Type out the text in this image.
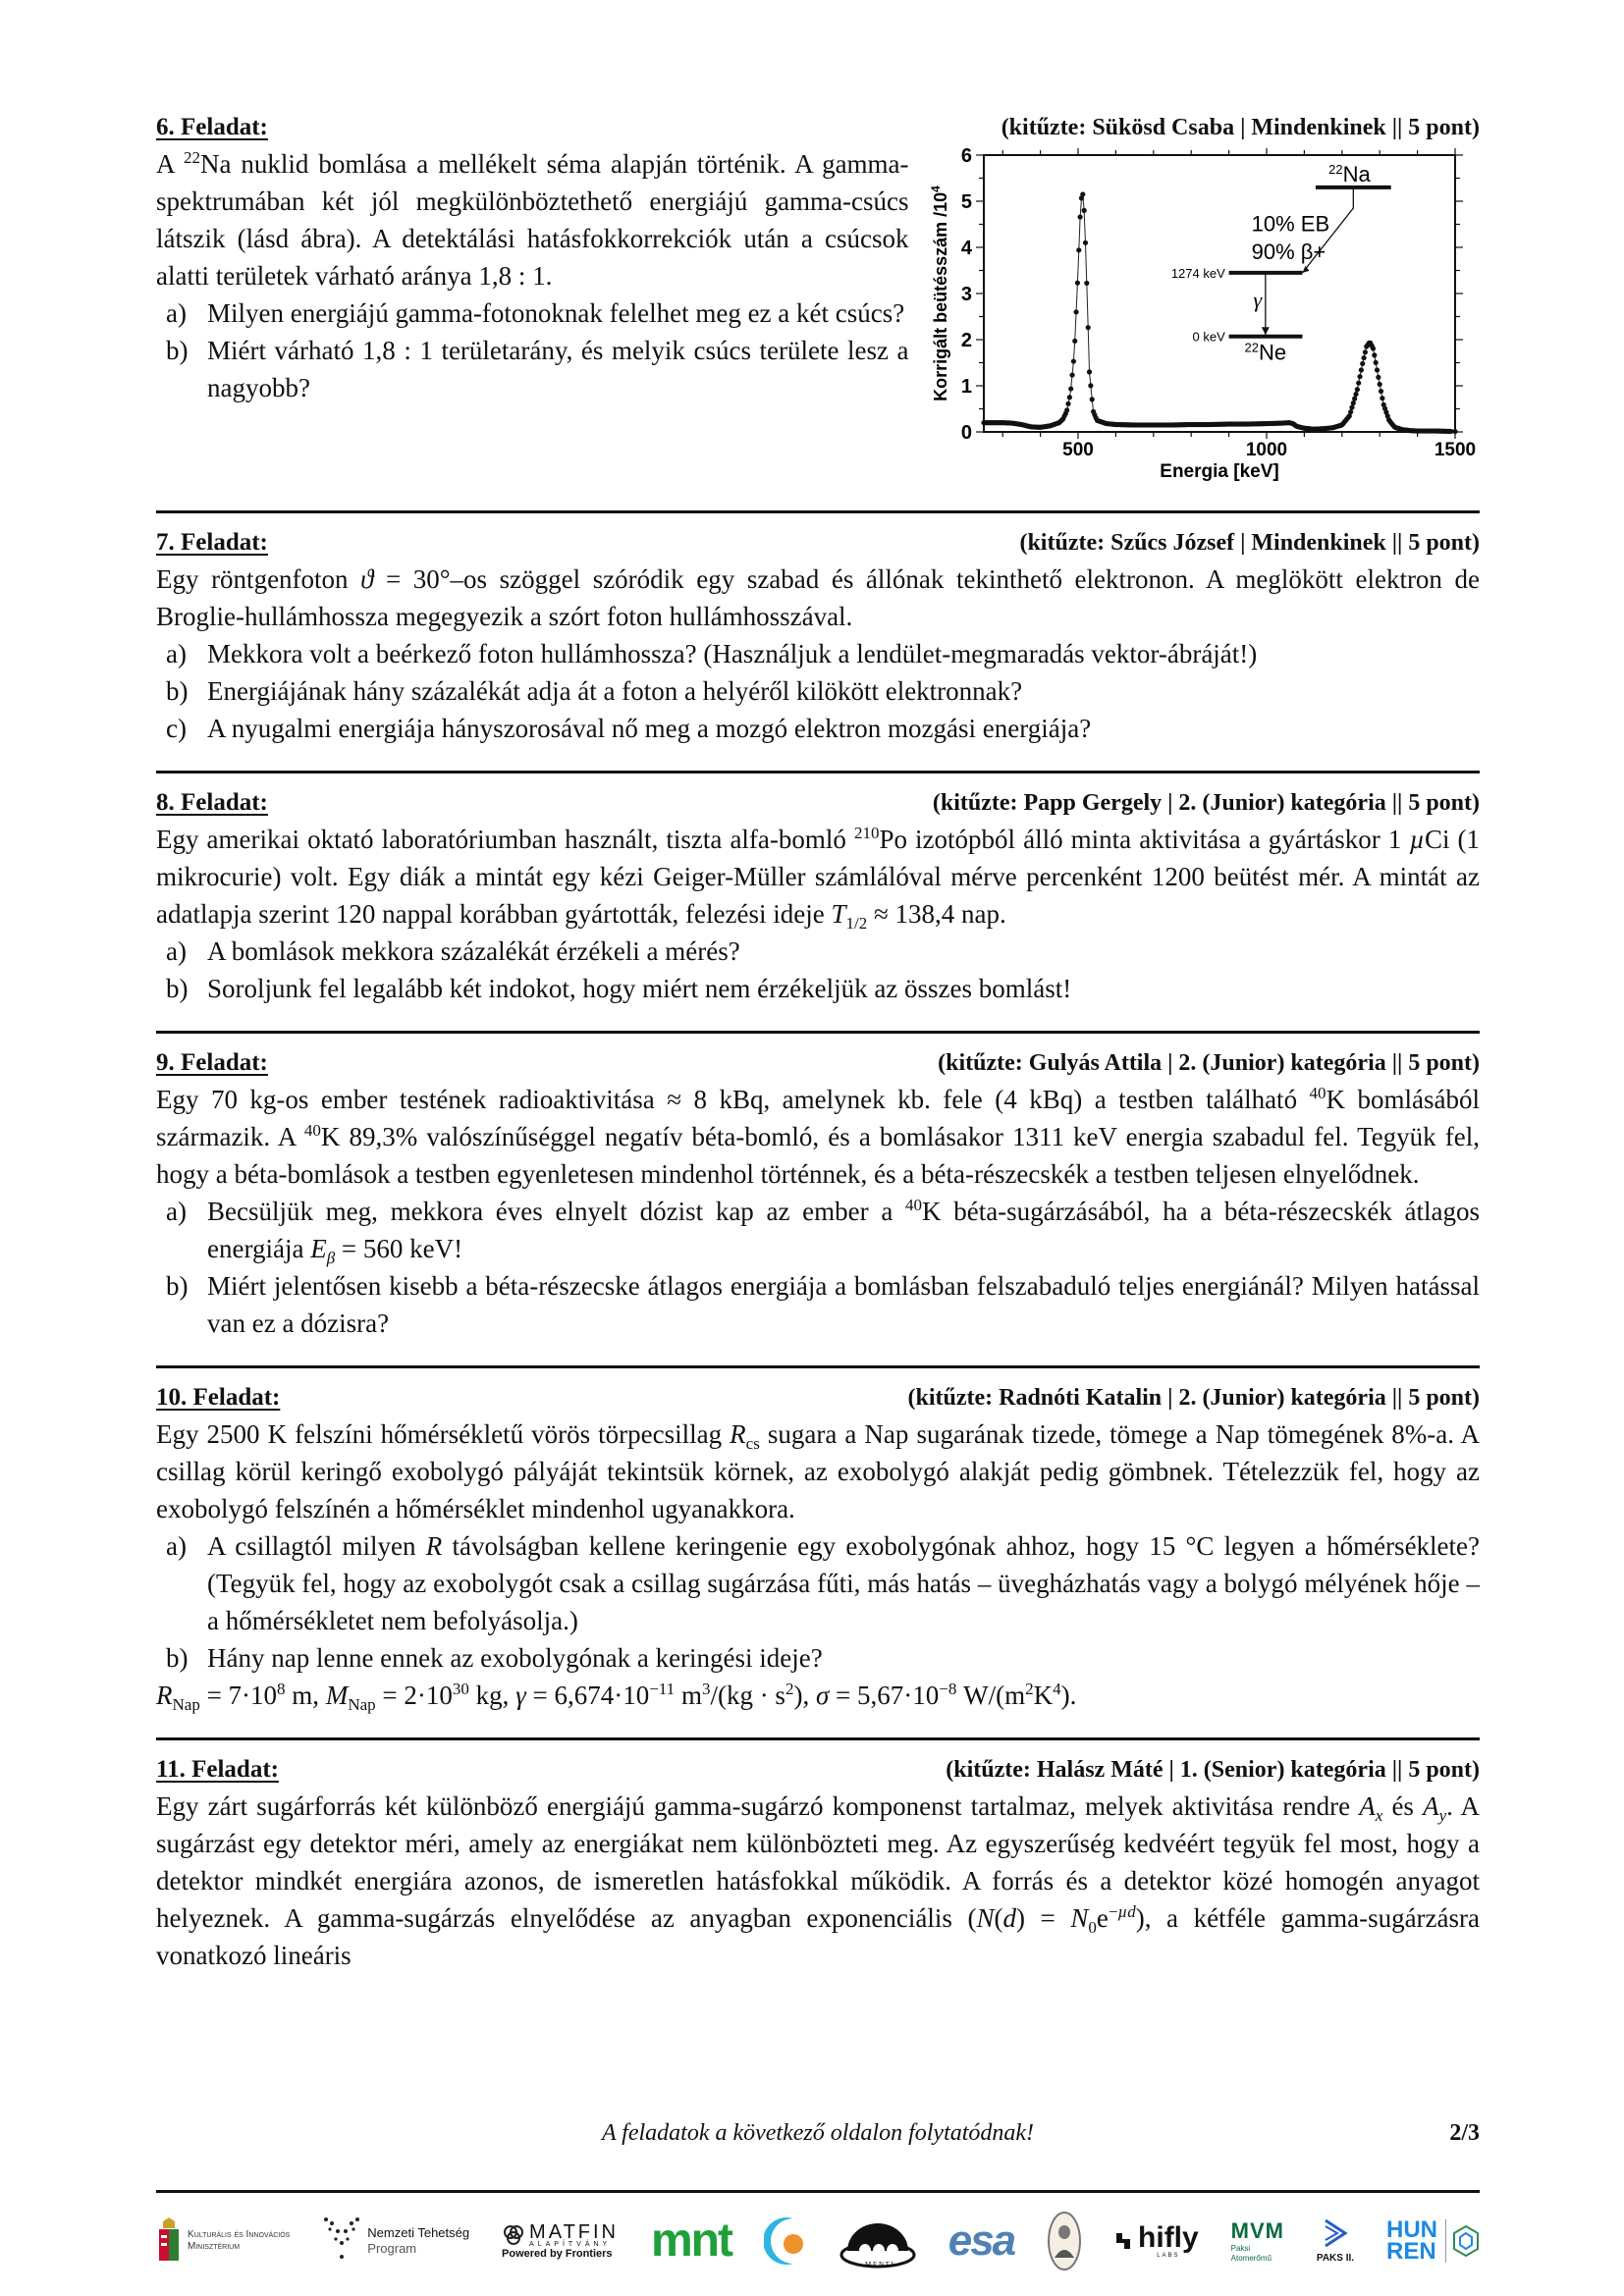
6. Feladat:	(kitűzte: Sükösd Csaba | Mindenkinek || 5 pont)

A $^{22}$Na nuklid bomlása a mellékelt séma alapján történik. A gamma-spektrumában két jól megkülönböztethető energiájú gamma-csúcs látszik (lásd ábra). A detektálási hatásfokkorrekciók után a csúcsok alatti területek várható aránya 1,8 : 1.

a) Milyen energiájú gamma-fotonoknak felelhet meg ez a két csúcs?
b) Miért várható 1,8 : 1 területarány, és melyik csúcs területe lesz a nagyobb?
500	1000	1500
0
1
2
3
4
5
6
Energia [keV]
Korrigált beütésszám $/10^4$
$^{22}$Na
10% EB
90% β+
1274 keV
γ
0 keV
$^{22}$Ne
7. Feladat:	(kitűzte: Szűcs József | Mindenkinek || 5 pont)

Egy röntgenfoton ϑ = 30°–os szöggel szóródik egy szabad és állónak tekinthető elektronon. A meglökött elektron de Broglie-hullámhossza megegyezik a szórt foton hullámhosszával.

a) Mekkora volt a beérkező foton hullámhossza? (Használjuk a lendület-megmaradás vektor-ábráját!)
b) Energiájának hány százalékát adja át a foton a helyéről kilökött elektronnak?
c) A nyugalmi energiája hányszorosával nő meg a mozgó elektron mozgási energiája?
8. Feladat:	(kitűzte: Papp Gergely | 2. (Junior) kategória || 5 pont)

Egy amerikai oktató laboratóriumban használt, tiszta alfa-bomló $^{210}$Po izotópból álló minta aktivitása a gyártáskor 1 µCi (1 mikrocurie) volt. Egy diák a mintát egy kézi Geiger-Müller számlálóval mérve percenként 1200 beütést mér. A mintát az adatlapja szerint 120 nappal korábban gyártották, felezési ideje $T_{1/2} \approx 138,4$ nap.

a) A bomlások mekkora százalékát érzékeli a mérés?
b) Soroljunk fel legalább két indokot, hogy miért nem érzékeljük az összes bomlást!
9. Feladat:	(kitűzte: Gulyás Attila | 2. (Junior) kategória || 5 pont)

Egy 70 kg-os ember testének radioaktivitása ≈ 8 kBq, amelynek kb. fele (4 kBq) a testben található $^{40}$K bomlásából származik. A $^{40}$K 89,3% valószínűséggel negatív béta-bomló, és a bomlásakor 1311 keV energia szabadul fel. Tegyük fel, hogy a béta-bomlások a testben egyenletesen mindenhol történnek, és a béta-részecskék a testben teljesen elnyelődnek.

a) Becsüljük meg, mekkora éves elnyelt dózist kap az ember a $^{40}$K béta-sugárzásából, ha a béta-részecskék átlagos energiája $E_\beta = 560$ keV!
b) Miért jelentősen kisebb a béta-részecske átlagos energiája a bomlásban felszabaduló teljes energiánál? Milyen hatással van ez a dózisra?
10. Feladat:	(kitűzte: Radnóti Katalin | 2. (Junior) kategória || 5 pont)

Egy 2500 K felszíni hőmérsékletű vörös törpecsillag $R_{cs}$ sugara a Nap sugarának tizede, tömege a Nap tömegének 8%-a. A csillag körül keringő exobolygó pályáját tekintsük körnek, az exobolygó alakját pedig gömbnek. Tételezzük fel, hogy az exobolygó felszínén a hőmérséklet mindenhol ugyanakkora.

a) A csillagtól milyen R távolságban kellene keringenie egy exobolygónak ahhoz, hogy 15 °C legyen a hőmérséklete? (Tegyük fel, hogy az exobolygót csak a csillag sugárzása fűti, más hatás – üvegházhatás vagy a bolygó mélyének hője – a hőmérsékletet nem befolyásolja.)
b) Hány nap lenne ennek az exobolygónak a keringési ideje?

$R_{Nap} = 7\cdot 10^8$ m, $M_{Nap} = 2\cdot 10^{30}$ kg, $\gamma = 6,674\cdot 10^{-11}$ $m^3/(kg \cdot s^2)$, $\sigma = 5,67\cdot 10^{-8}$ $W/(m^2K^4)$.

11. Feladat:	(kitűzte: Halász Máté | 1. (Senior) kategória || 5 pont)

Egy zárt sugárforrás két különböző energiájú gamma-sugárzó komponenst tartalmaz, melyek aktivitása rendre $A_x$ és $A_y$. A sugárzást egy detektor méri, amely az energiákat nem különbözteti meg. Az egyszerűség kedvéért tegyük fel most, hogy a detektor mindkét energiára azonos, de ismeretlen hatásfokkal működik. A forrás és a detektor közé homogén anyagot helyeznek. A gamma-sugárzás elnyelődése az anyagban exponenciális $(N(d) = N_0e^{-\mu d})$, a kétféle gamma-sugárzásra vonatkozó lineáris

A feladatok a következő oldalon folytatódnak!	2/3
Kulturális és Innovációs
Minisztérium
Nemzeti Tehetség
Program
MATFIN
ALAPÍTVÁNY
Powered by Frontiers mnt	M E N T I esa	hifly
LABS
MVM
Paksi
Atomerőmű	PAKS II.
HUN
REN
